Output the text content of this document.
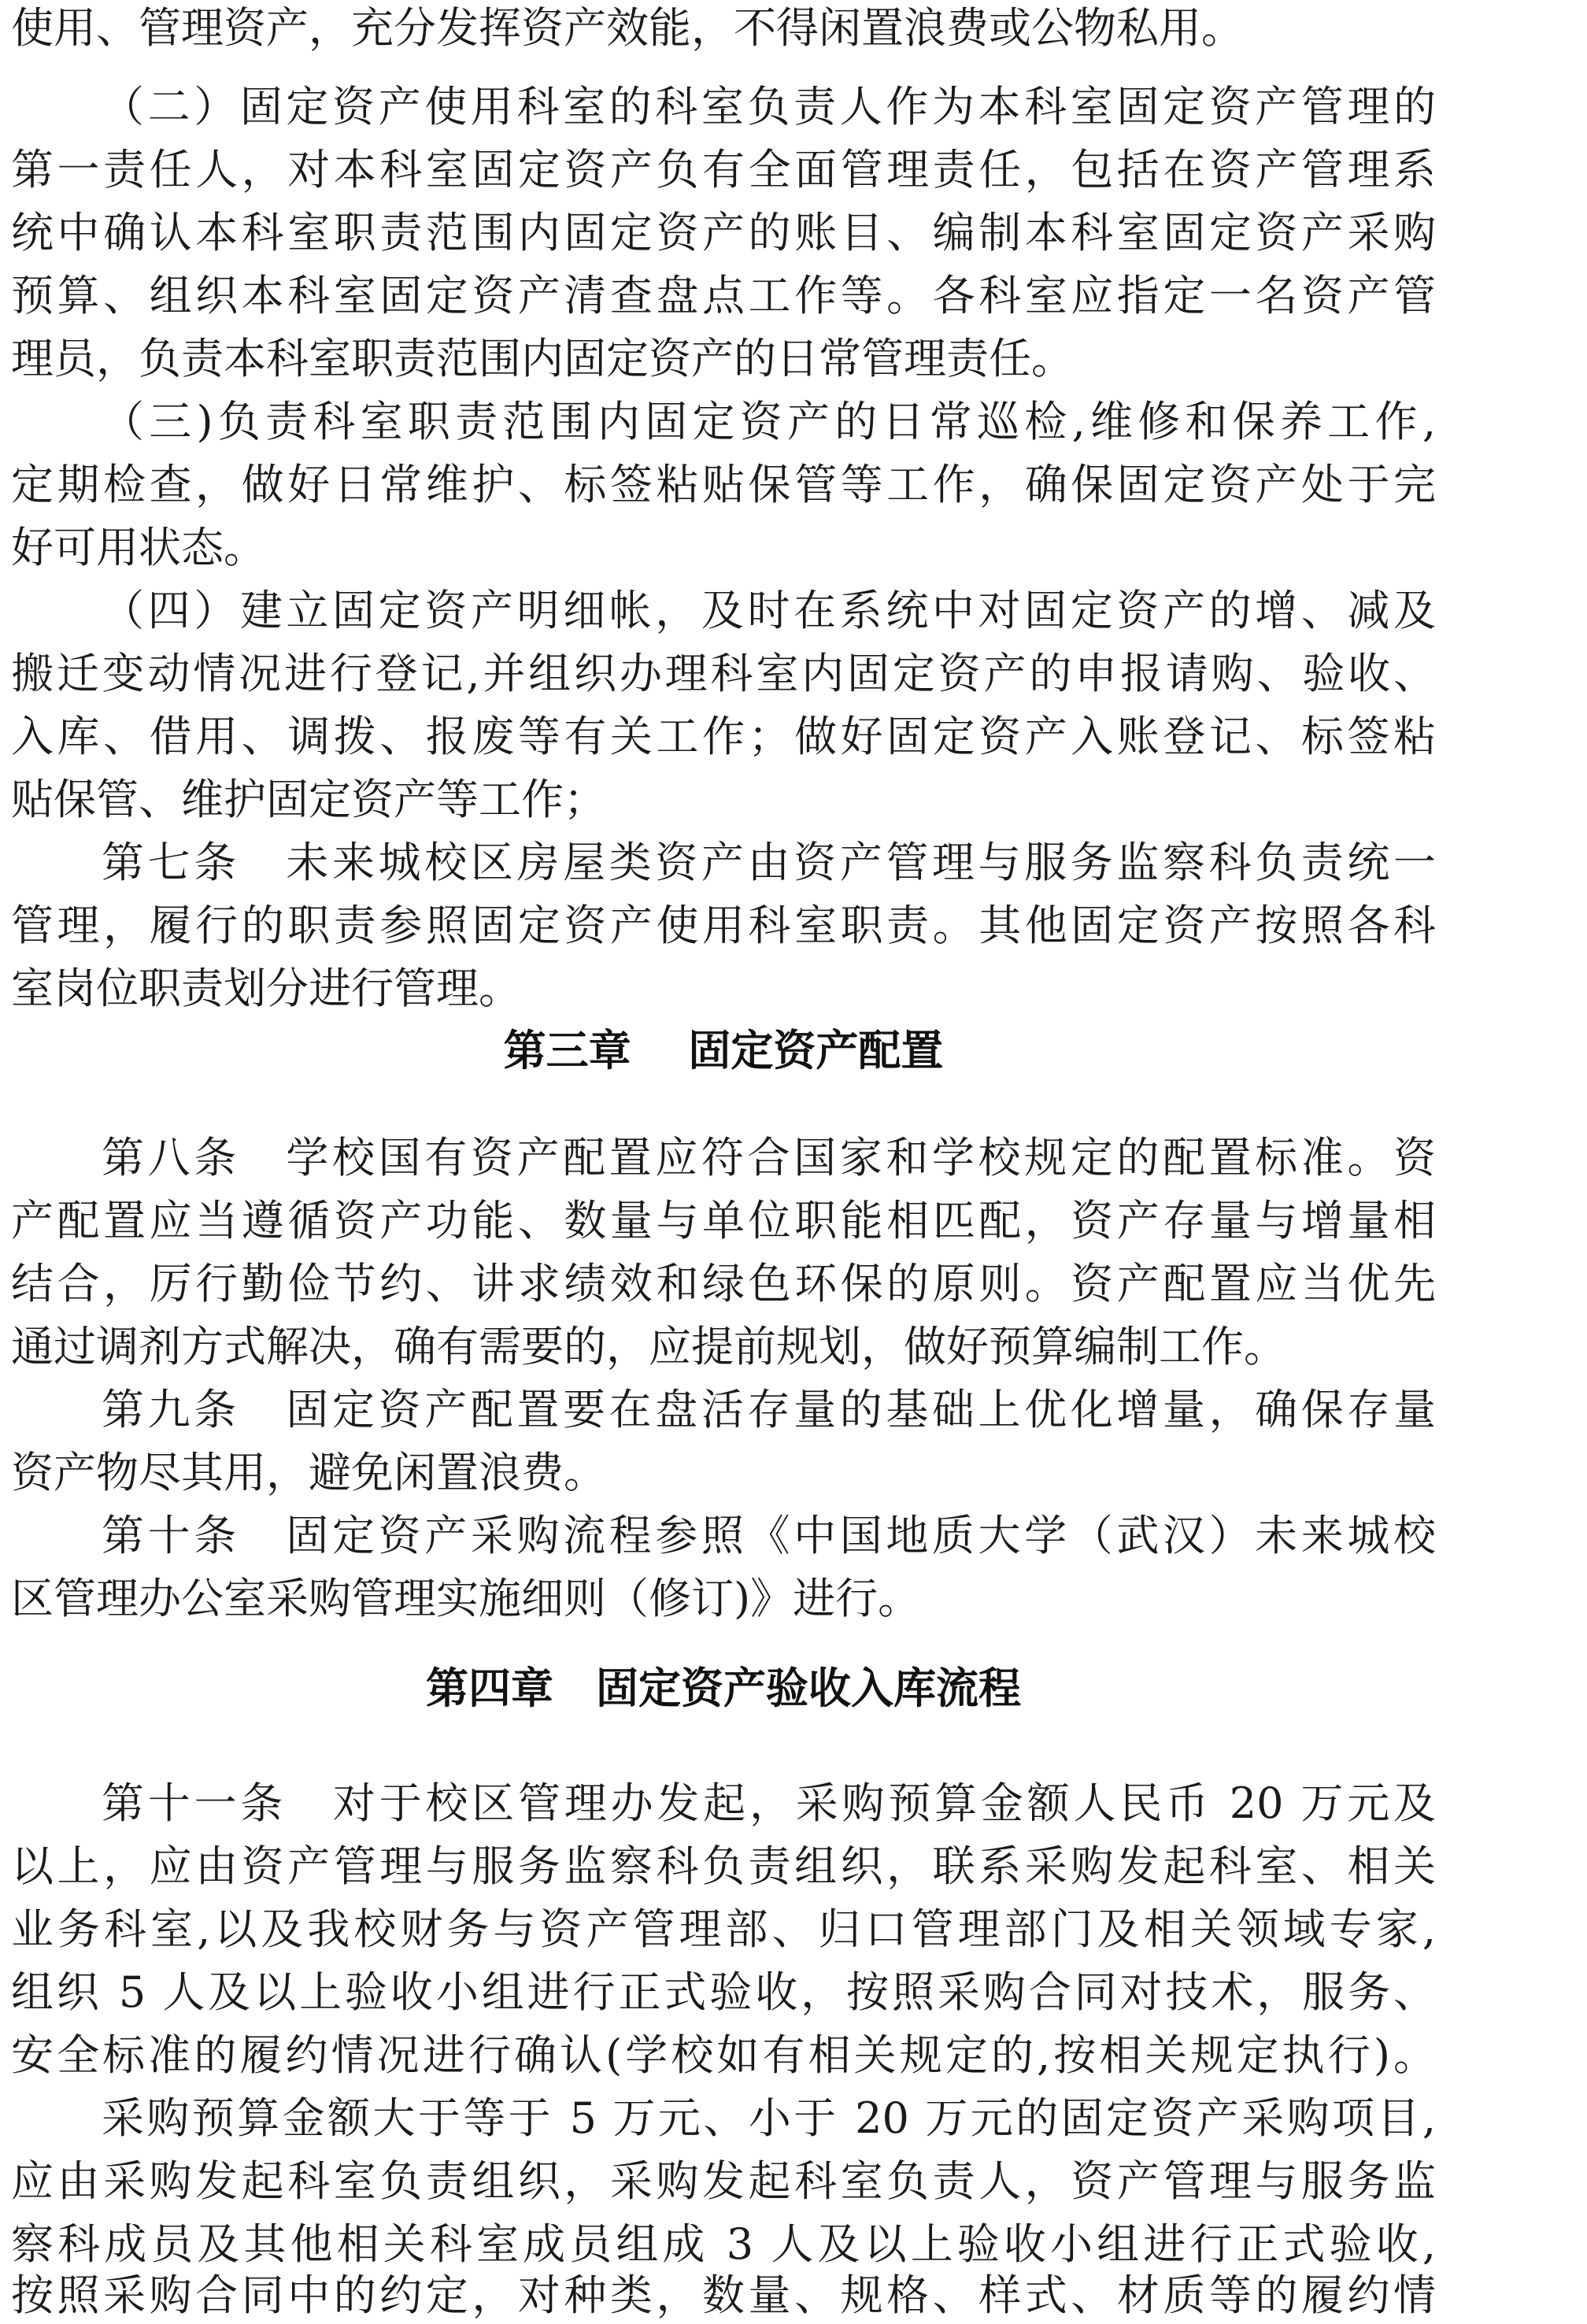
使用、管理资产，充分发挥资产效能，不得闲置浪费或公物私用。
（二）固定资产使用科室的科室负责人作为本科室固定资产管理的
第一责任人，对本科室固定资产负有全面管理责任，包括在资产管理系
统中确认本科室职责范围内固定资产的账目、编制本科室固定资产采购
预算、组织本科室固定资产清查盘点工作等。各科室应指定一名资产管
理员，负责本科室职责范围内固定资产的日常管理责任。
（三)负责科室职责范围内固定资产的日常巡检,维修和保养工作,
定期检查，做好日常维护、标签粘贴保管等工作，确保固定资产处于完
好可用状态。
（四）建立固定资产明细帐，及时在系统中对固定资产的增、减及
搬迁变动情况进行登记,并组织办理科室内固定资产的申报请购、验收、
入库、借用、调拨、报废等有关工作；做好固定资产入账登记、标签粘
贴保管、维护固定资产等工作；
第七条　未来城校区房屋类资产由资产管理与服务监察科负责统一
管理，履行的职责参照固定资产使用科室职责。其他固定资产按照各科
室岗位职责划分进行管理。
第三章　 固定资产配置
第八条　学校国有资产配置应符合国家和学校规定的配置标准。资
产配置应当遵循资产功能、数量与单位职能相匹配，资产存量与增量相
结合，厉行勤俭节约、讲求绩效和绿色环保的原则。资产配置应当优先
通过调剂方式解决，确有需要的，应提前规划，做好预算编制工作。
第九条　固定资产配置要在盘活存量的基础上优化增量，确保存量
资产物尽其用，避免闲置浪费。
第十条　固定资产采购流程参照《中国地质大学（武汉）未来城校
区管理办公室采购管理实施细则（修订)》进行。
第四章　固定资产验收入库流程
第十一条　对于校区管理办发起，采购预算金额人民币 20 万元及
以上，应由资产管理与服务监察科负责组织，联系采购发起科室、相关
业务科室,以及我校财务与资产管理部、归口管理部门及相关领域专家,
组织 5 人及以上验收小组进行正式验收，按照采购合同对技术，服务、
安全标准的履约情况进行确认(学校如有相关规定的,按相关规定执行)。
采购预算金额大于等于 5 万元、小于 20 万元的固定资产采购项目,
应由采购发起科室负责组织，采购发起科室负责人，资产管理与服务监
察科成员及其他相关科室成员组成 3 人及以上验收小组进行正式验收,
按照采购合同中的约定，对种类，数量、规格、样式、材质等的履约情
